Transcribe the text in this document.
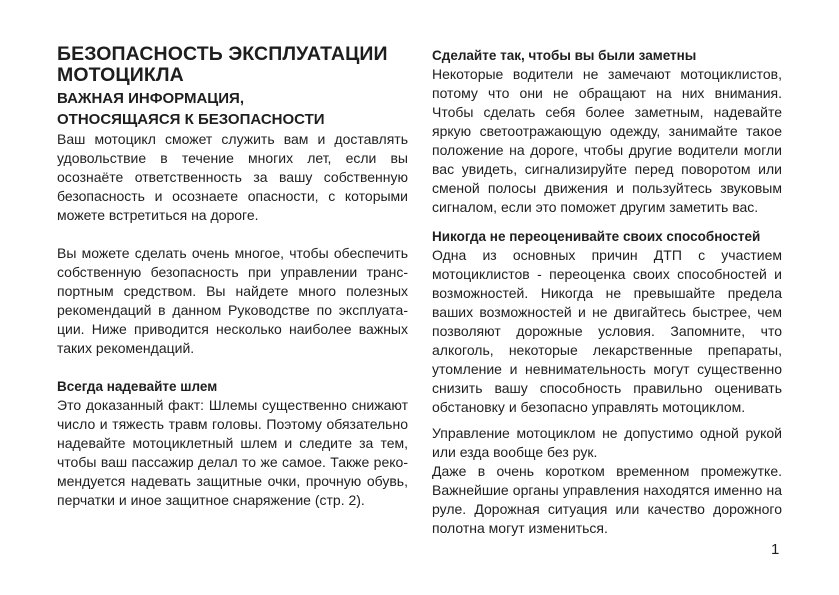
БЕЗОПАСНОСТЬ ЭКСПЛУАТАЦИИ
МОТОЦИКЛА
ВАЖНАЯ ИНФОРМАЦИЯ,
ОТНОСЯЩАЯСЯ К БЕЗОПАСНОСТИ

Ваш мотоцикл сможет служить вам и доставлять удовольствие в течение многих лет, если вы осознаёте ответственность за вашу собственную безопасность и осознаете опасности, с которыми можете встретиться на дороге.

Вы можете сделать очень многое, чтобы обеспечить собственную безопасность при управлении транс-портным средством. Вы найдете много полезных рекомендаций в данном Руководстве по эксплуата-ции. Ниже приводится несколько наиболее важных таких рекомендаций.

Всегда надевайте шлем

Это доказанный факт: Шлемы существенно снижают число и тяжесть травм головы. Поэтому обязательно надевайте мотоциклетный шлем и следите за тем, чтобы ваш пассажир делал то же самое. Также реко-мендуется надевать защитные очки, прочную обувь, перчатки и иное защитное снаряжение (стр. 2).

Сделайте так, чтобы вы были заметны

Некоторые водители не замечают мотоциклистов, потому что они не обращают на них внимания. Чтобы сделать себя более заметным, надевайте яркую светоотражающую одежду, занимайте такое положение на дороге, чтобы другие водители могли вас увидеть, сигнализируйте перед поворотом или сменой полосы движения и пользуйтесь звуковым сигналом, если это поможет другим заметить вас.

Никогда не переоценивайте своих способностей

Одна из основных причин ДТП с участием мотоциклистов - переоценка своих способностей и возможностей. Никогда не превышайте предела ваших возможностей и не двигайтесь быстрее, чем позволяют дорожные условия. Запомните, что алкоголь, некоторые лекарственные препараты, утомление и невнимательность могут существенно снизить вашу способность правильно оценивать обстановку и безопасно управлять мотоциклом.

Управление мотоциклом не допустимо одной рукой или езда вообще без рук.

Даже в очень коротком временном промежутке. Важнейшие органы управления находятся именно на руле. Дорожная ситуация или качество дорожного полотна могут измениться.

1
